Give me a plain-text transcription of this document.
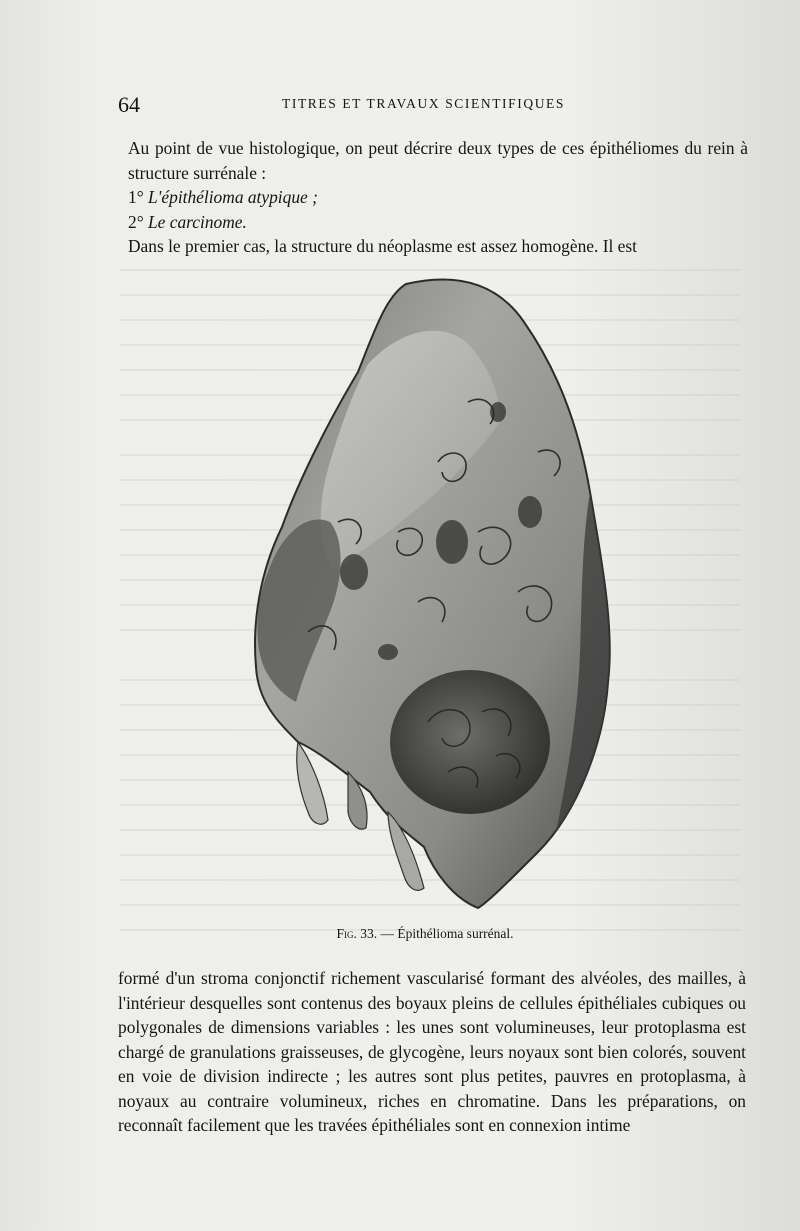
64	TITRES ET TRAVAUX SCIENTIFIQUES

Au point de vue histologique, on peut décrire deux types de ces épithéliomes du rein à structure surrénale :

1° L'épithélioma atypique ;

2° Le carcinome.

Dans le premier cas, la structure du néoplasme est assez homogène. Il est

Fig. 33. — Épithélioma surrénal.

formé d'un stroma conjonctif richement vascularisé formant des alvéoles, des mailles, à l'intérieur desquelles sont contenus des boyaux pleins de cellules épithéliales cubiques ou polygonales de dimensions variables : les unes sont volumineuses, leur protoplasma est chargé de granulations graisseuses, de glycogène, leurs noyaux sont bien colorés, souvent en voie de division indirecte ; les autres sont plus petites, pauvres en protoplasma, à noyaux au contraire volumineux, riches en chromatine. Dans les préparations, on reconnaît facilement que les travées épithéliales sont en connexion intime
